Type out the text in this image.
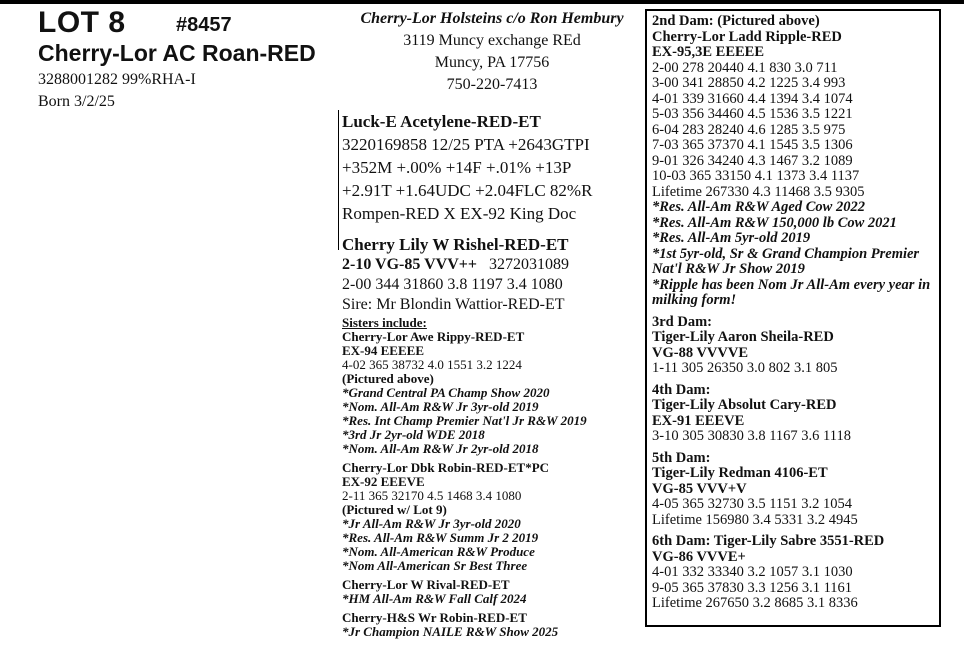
LOT 8	#8457
Cherry-Lor AC Roan-RED
3288001282 99%RHA-I
Born 3/2/25
Cherry-Lor Holsteins c/o Ron Hembury
3119 Muncy exchange REd
Muncy, PA 17756
750-220-7413
Luck-E Acetylene-RED-ET
3220169858 12/25 PTA +2643GTPI
+352M +.00% +14F +.01% +13P
+2.91T +1.64UDC +2.04FLC 82%R
Rompen-RED X EX-92 King Doc
Cherry Lily W Rishel-RED-ET
2-10 VG-85 VVV++ 3272031089
2-00 344 31860 3.8 1197 3.4 1080
Sire: Mr Blondin Wattior-RED-ET
Sisters include:
Cherry-Lor Awe Rippy-RED-ET
EX-94 EEEEE
4-02 365 38732 4.0 1551 3.2 1224
(Pictured above)
*Grand Central PA Champ Show 2020
*Nom. All-Am R&W Jr 3yr-old 2019
*Res. Int Champ Premier Nat'l Jr R&W 2019
*3rd Jr 2yr-old WDE 2018
*Nom. All-Am R&W Jr 2yr-old 2018
Cherry-Lor Dbk Robin-RED-ET*PC
EX-92 EEEVE
2-11 365 32170 4.5 1468 3.4 1080
(Pictured w/ Lot 9)
*Jr All-Am R&W Jr 3yr-old 2020
*Res. All-Am R&W Summ Jr 2 2019
*Nom. All-American R&W Produce
*Nom All-American Sr Best Three
Cherry-Lor W Rival-RED-ET
*HM All-Am R&W Fall Calf 2024
Cherry-H&S Wr Robin-RED-ET
*Jr Champion NAILE R&W Show 2025
2nd Dam: (Pictured above)
Cherry-Lor Ladd Ripple-RED
EX-95,3E EEEEE
2-00 278 20440 4.1 830 3.0 711
3-00 341 28850 4.2 1225 3.4 993
4-01 339 31660 4.4 1394 3.4 1074
5-03 356 34460 4.5 1536 3.5 1221
6-04 283 28240 4.6 1285 3.5 975
7-03 365 37370 4.1 1545 3.5 1306
9-01 326 34240 4.3 1467 3.2 1089
10-03 365 33150 4.1 1373 3.4 1137
Lifetime 267330 4.3 11468 3.5 9305
*Res. All-Am R&W Aged Cow 2022
*Res. All-Am R&W 150,000 lb Cow 2021
*Res. All-Am 5yr-old 2019
*1st 5yr-old, Sr & Grand Champion Premier Nat'l R&W Jr Show 2019
*Ripple has been Nom Jr All-Am every year in milking form!
3rd Dam:
Tiger-Lily Aaron Sheila-RED
VG-88 VVVVE
1-11 305 26350 3.0 802 3.1 805
4th Dam:
Tiger-Lily Absolut Cary-RED
EX-91 EEEVE
3-10 305 30830 3.8 1167 3.6 1118
5th Dam:
Tiger-Lily Redman 4106-ET
VG-85 VVV+V
4-05 365 32730 3.5 1151 3.2 1054
Lifetime 156980 3.4 5331 3.2 4945
6th Dam: Tiger-Lily Sabre 3551-RED
VG-86 VVVE+
4-01 332 33340 3.2 1057 3.1 1030
9-05 365 37830 3.3 1256 3.1 1161
Lifetime 267650 3.2 8685 3.1 8336
